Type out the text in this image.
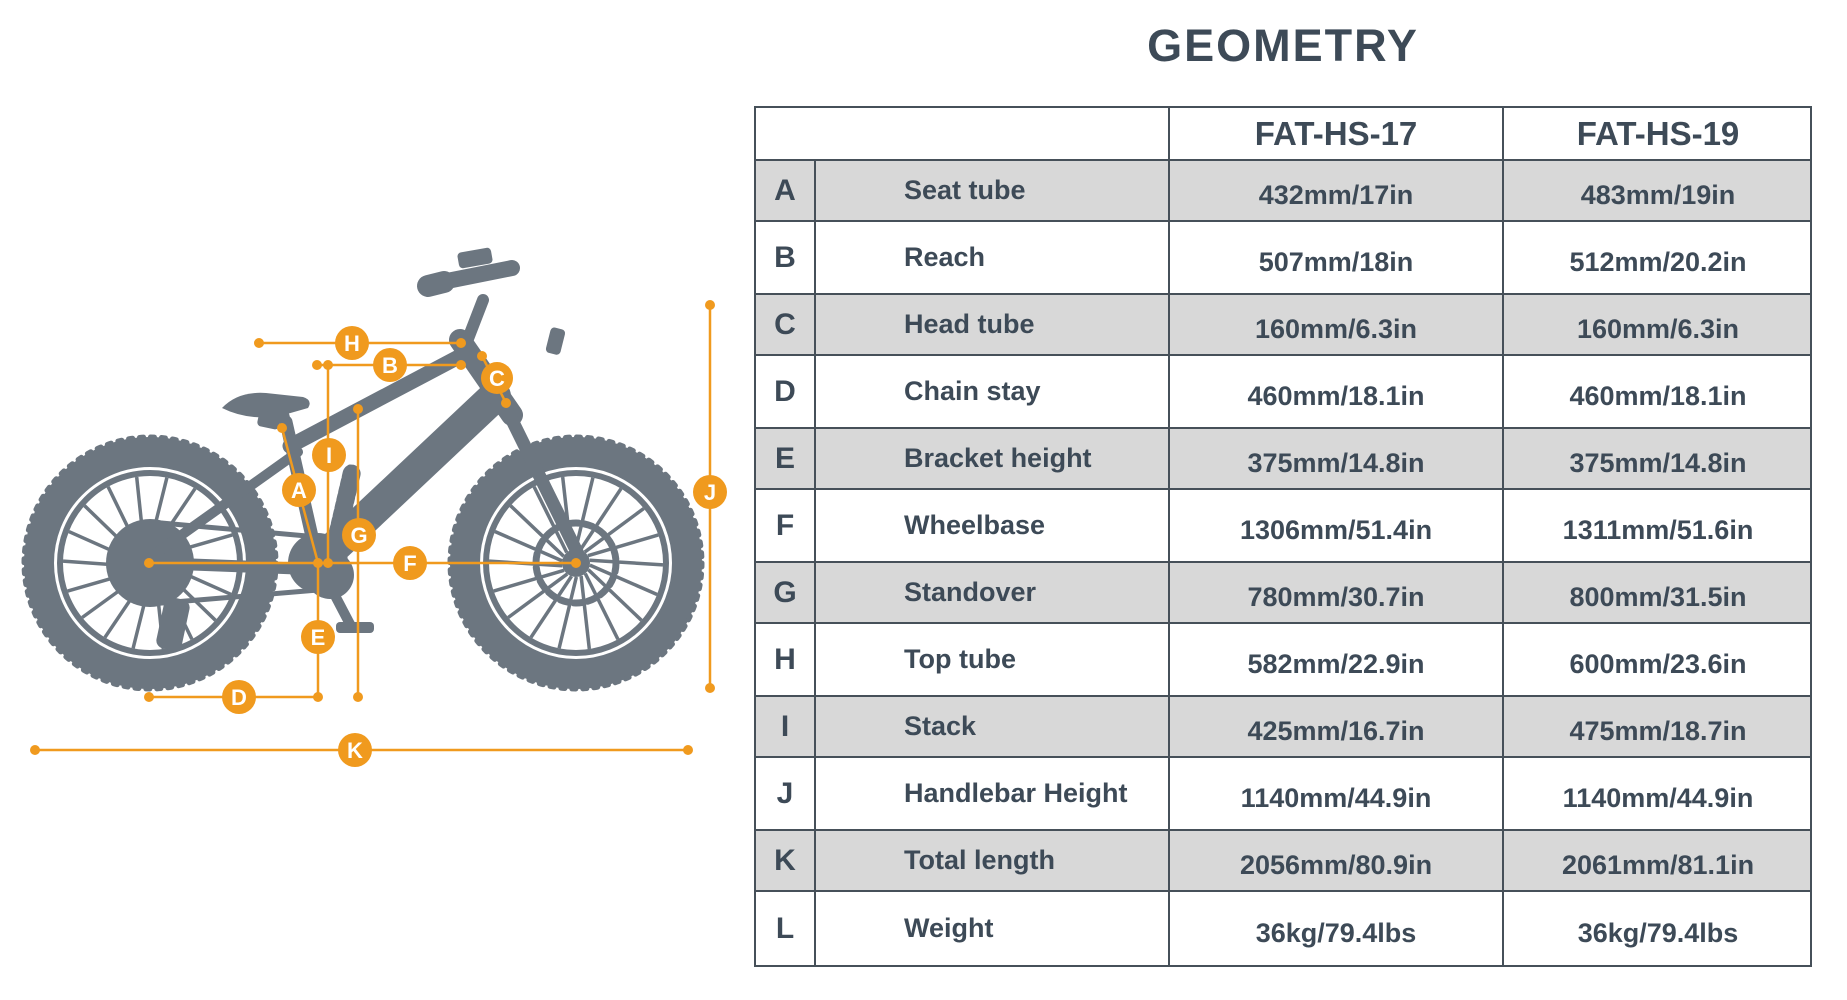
F
H
B
C
I
A
G
E
D
K
J
GEOMETRY
FAT-HS-17	FAT-HS-19
A	Seat tube	432mm/17in	483mm/19in
B	Reach	507mm/18in	512mm/20.2in
C	Head tube	160mm/6.3in	160mm/6.3in
D	Chain stay	460mm/18.1in	460mm/18.1in
E	Bracket height	375mm/14.8in	375mm/14.8in
F	Wheelbase	1306mm/51.4in	1311mm/51.6in
G	Standover	780mm/30.7in	800mm/31.5in
H	Top tube	582mm/22.9in	600mm/23.6in
I	Stack	425mm/16.7in	475mm/18.7in
J	Handlebar Height	1140mm/44.9in	1140mm/44.9in
K	Total length	2056mm/80.9in	2061mm/81.1in
L	Weight	36kg/79.4lbs	36kg/79.4lbs
